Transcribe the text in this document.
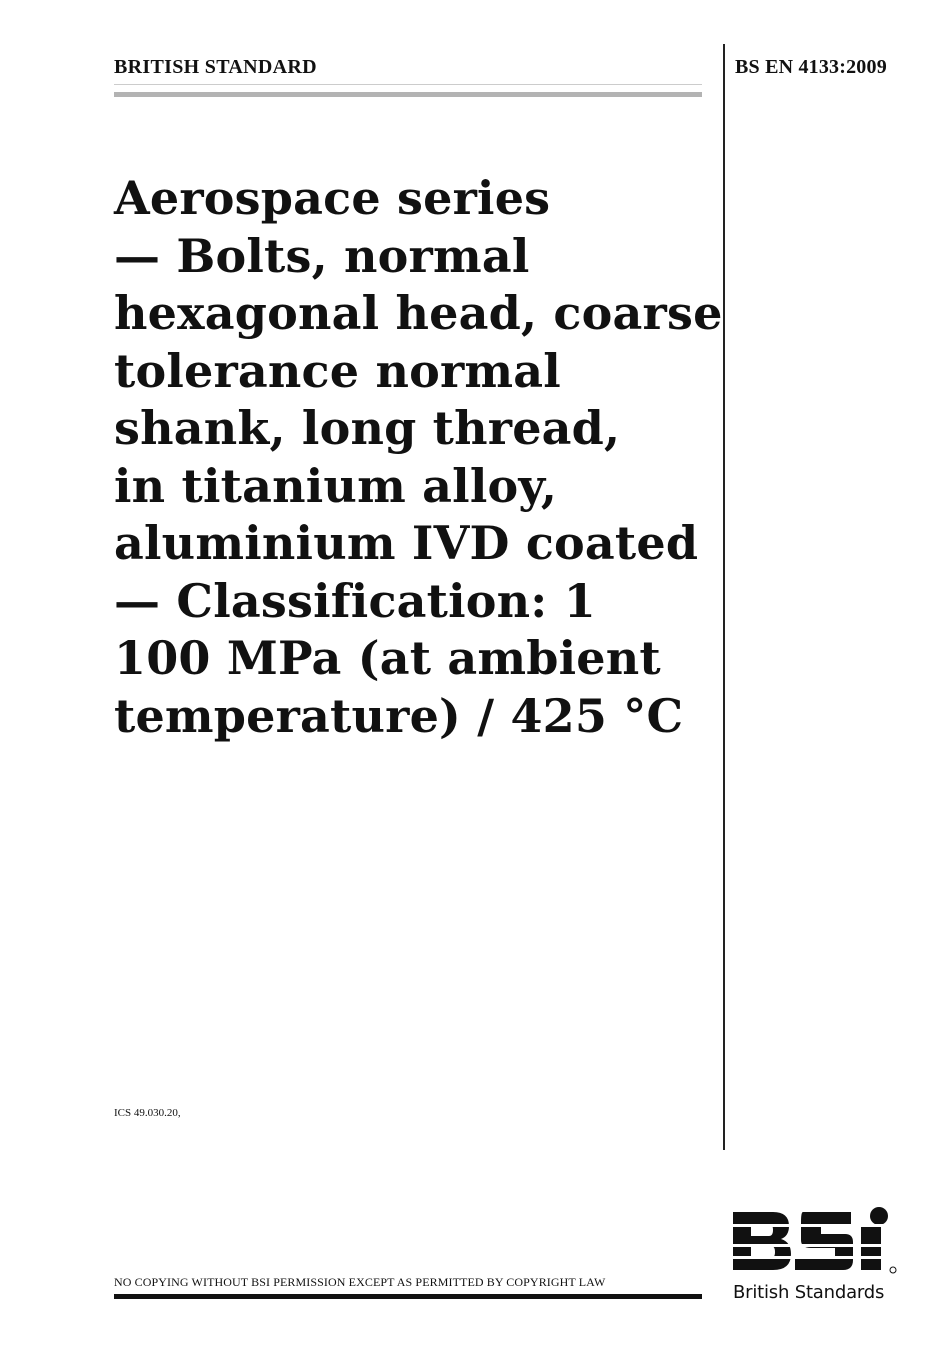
BRITISH STANDARD	BS EN 4133:2009
Aerospace series
— Bolts, normal
hexagonal head, coarse
tolerance normal
shank, long thread,
in titanium alloy,
aluminium IVD coated
— Classification: 1
100 MPa (at ambient
temperature) / 425 °C
ICS 49.030.20,
NO COPYING WITHOUT BSI PERMISSION EXCEPT AS PERMITTED BY COPYRIGHT LAW	British Standards
